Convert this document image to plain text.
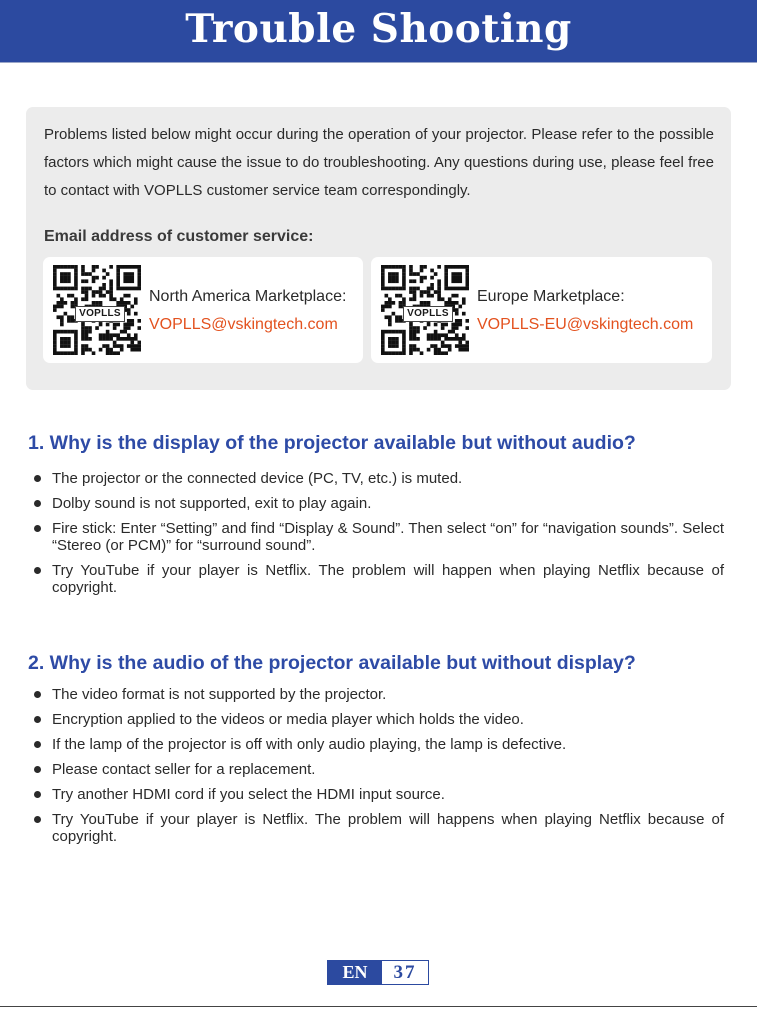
Trouble Shooting

Problems listed below might occur during the operation of your projector. Please refer to the possible factors which might cause the issue to do troubleshooting. Any questions during use, please feel free to contact with VOPLLS customer service team correspondingly.

Email address of customer service:
VOPLLS
North America Marketplace:
VOPLLS@vskingtech.com
VOPLLS
Europe Marketplace:
VOPLLS-EU@vskingtech.com
1. Why is the display of the projector available but without audio?
The projector or the connected device (PC, TV, etc.) is muted.
Dolby sound is not supported, exit to play again.
Fire stick: Enter “Setting” and find “Display & Sound”. Then select “on” for “navigation sounds”. Select “Stereo (or PCM)” for “surround sound”.
Try YouTube if your player is Netflix. The problem will happen when playing Netflix because of copyright.
2. Why is the audio of the projector available but without display?
The video format is not supported by the projector.
Encryption applied to the videos or media player which holds the video.
If the lamp of the projector is off with only audio playing, the lamp is defective.
Please contact seller for a replacement.
Try another HDMI cord if you select the HDMI input source.
Try YouTube if your player is Netflix. The problem will happens when playing Netflix because of copyright.
EN	37
